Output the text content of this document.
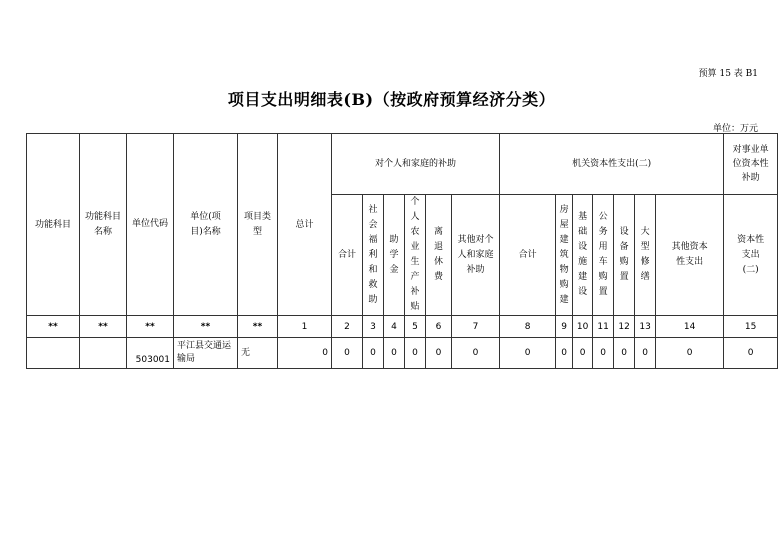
预算 15 表 B1
项目支出明细表(B)（按政府预算经济分类）
单位：万元
功能科目	功能科目名称	单位代码	单位(项目)名称	项目类型	总计	对个人和家庭的补助						机关资本性支出(二)							对事业单位资本性补助
						合计	社会福利和救助	助学金	个人农业生产补贴	离退休费	其他对个人和家庭补助	合计	房屋建筑物购建	基础设施建设	公务用车购置	设备购置	大型修缮	其他资本性支出	资本性支出(二)
**	**	**	**	**	1	2	3	4	5	6	7	8	9	10	11	12	13	14	15
		503001	平江县交通运输局	无	0	0	0	0	0	0	0	0	0	0	0	0	0	0	0
